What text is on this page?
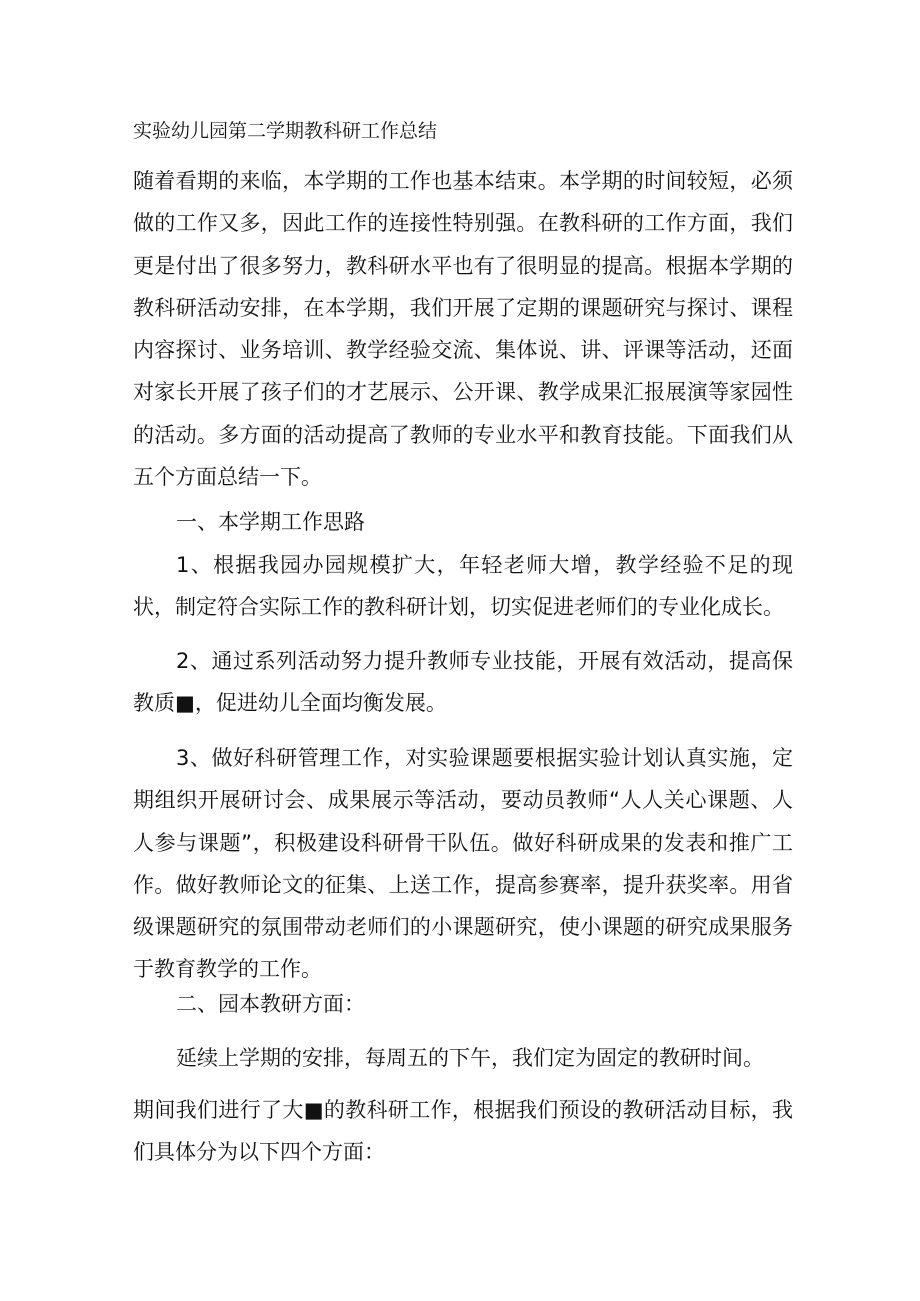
实验幼儿园第二学期教科研工作总结

随着看期的来临，本学期的工作也基本结束。本学期的时间较短，必须做的工作又多，因此工作的连接性特别强。在教科研的工作方面，我们更是付出了很多努力，教科研水平也有了很明显的提高。根据本学期的教科研活动安排，在本学期，我们开展了定期的课题研究与探讨、课程内容探讨、业务培训、教学经验交流、集体说、讲、评课等活动，还面对家长开展了孩子们的才艺展示、公开课、教学成果汇报展演等家园性的活动。多方面的活动提高了教师的专业水平和教育技能。下面我们从五个方面总结一下。

一、本学期工作思路

1、根据我园办园规模扩大，年轻老师大增，教学经验不足的现状，制定符合实际工作的教科研计划，切实促进老师们的专业化成长。

2、通过系列活动努力提升教师专业技能，开展有效活动，提高保教质■，促进幼儿全面均衡发展。

3、做好科研管理工作，对实验课题要根据实验计划认真实施，定期组织开展研讨会、成果展示等活动，要动员教师“人人关心课题、人人参与课题”，积极建设科研骨干队伍。做好科研成果的发表和推广工作。做好教师论文的征集、上送工作，提高参赛率，提升获奖率。用省级课题研究的氛围带动老师们的小课题研究，使小课题的研究成果服务于教育教学的工作。

二、园本教研方面：
延续上学期的安排，每周五的下午，我们定为固定的教研时间。

期间我们进行了大■的教科研工作，根据我们预设的教研活动目标，我们具体分为以下四个方面：
